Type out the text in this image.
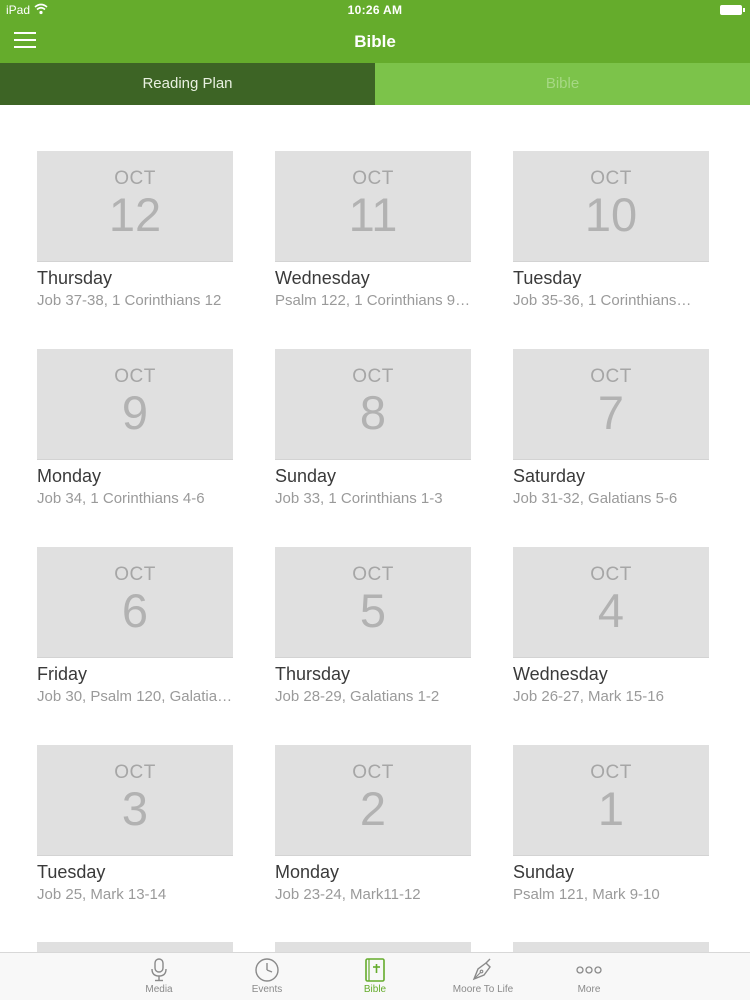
iPad	10:26 AM
Bible
Reading Plan	Bible
OCT
12
Thursday
Job 37-38, 1 Corinthians 12
OCT
11
Wednesday
Psalm 122, 1 Corinthians 9…
OCT
10
Tuesday
Job 35-36, 1 Corinthians…
OCT
9
Monday
Job 34, 1 Corinthians 4-6
OCT
8
Sunday
Job 33, 1 Corinthians 1-3
OCT
7
Saturday
Job 31-32, Galatians 5-6
OCT
6
Friday
Job 30, Psalm 120, Galatia…
OCT
5
Thursday
Job 28-29, Galatians 1-2
OCT
4
Wednesday
Job 26-27, Mark 15-16
OCT
3
Tuesday
Job 25, Mark 13-14
OCT
2
Monday
Job 23-24, Mark11-12
OCT
1
Sunday
Psalm 121, Mark 9-10
Media	Events	Bible	Moore To Life	More
